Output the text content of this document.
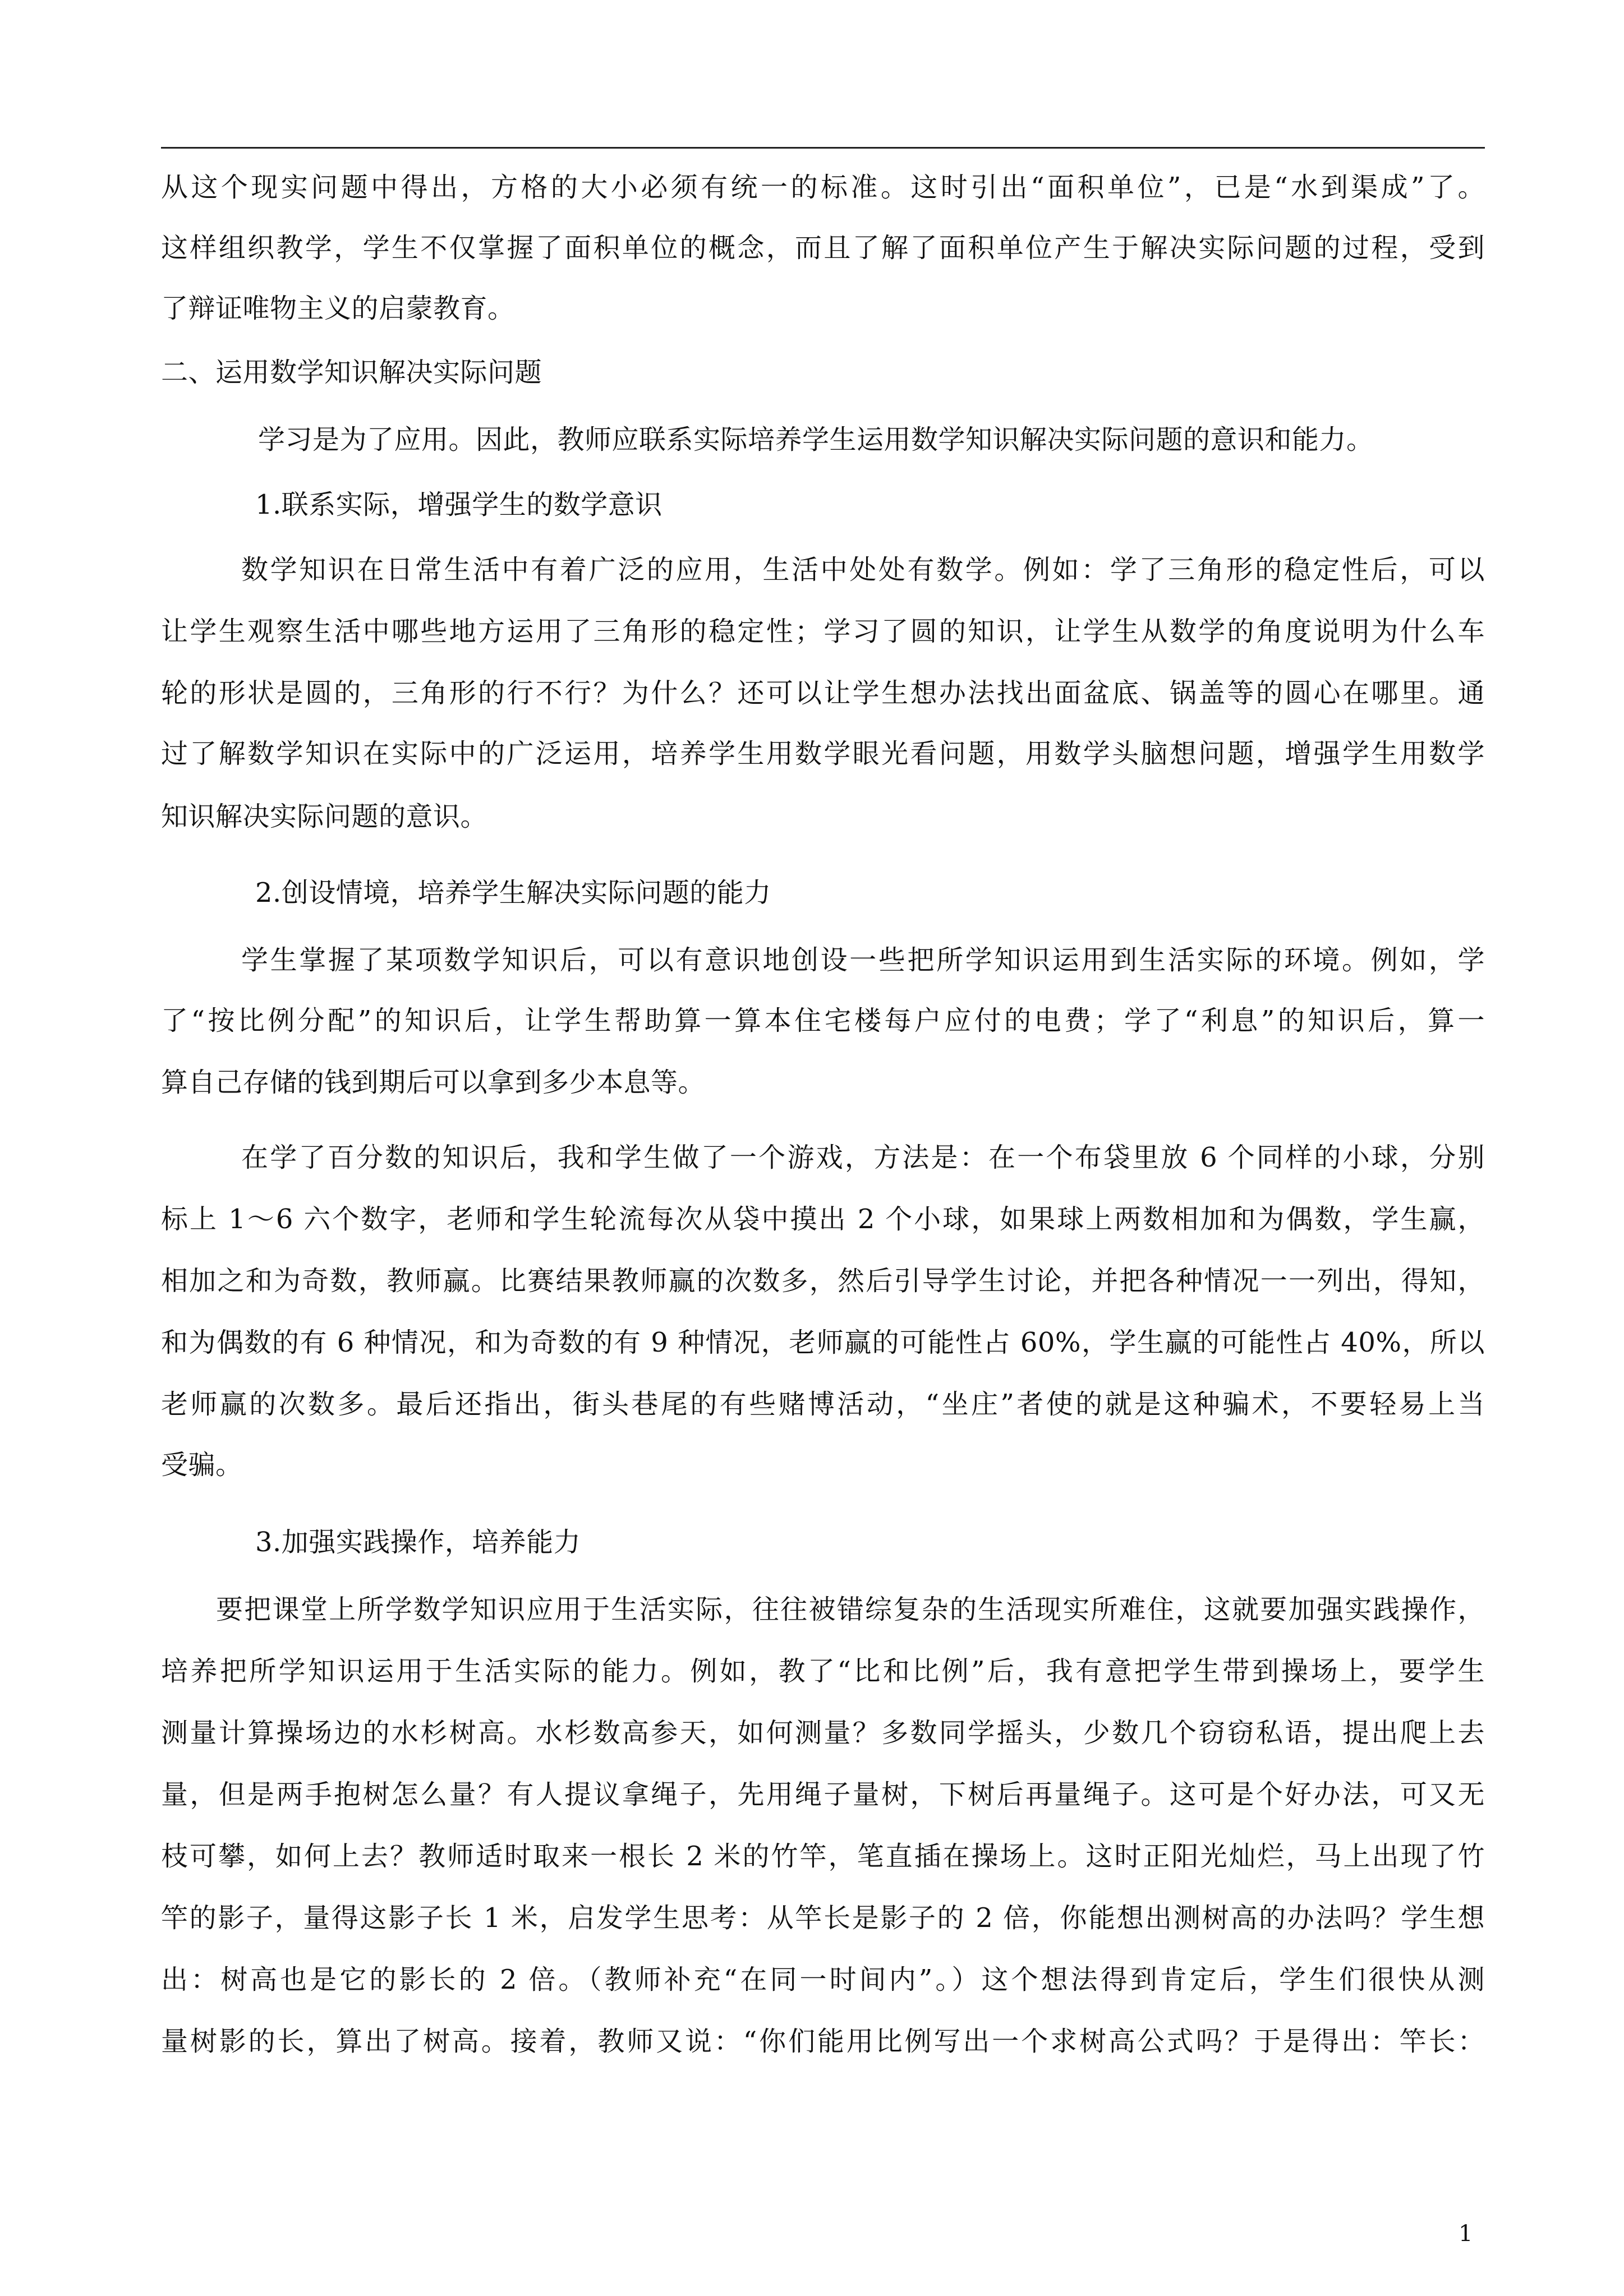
从这个现实问题中得出，方格的大小必须有统一的标准。这时引出“面积单位”，已是“水到渠成”了。
这样组织教学，学生不仅掌握了面积单位的概念，而且了解了面积单位产生于解决实际问题的过程，受到
了辩证唯物主义的启蒙教育。
二、运用数学知识解决实际问题
学习是为了应用。因此，教师应联系实际培养学生运用数学知识解决实际问题的意识和能力。
1.联系实际，增强学生的数学意识
数学知识在日常生活中有着广泛的应用，生活中处处有数学。例如：学了三角形的稳定性后，可以
让学生观察生活中哪些地方运用了三角形的稳定性；学习了圆的知识，让学生从数学的角度说明为什么车
轮的形状是圆的，三角形的行不行？为什么？还可以让学生想办法找出面盆底、锅盖等的圆心在哪里。通
过了解数学知识在实际中的广泛运用，培养学生用数学眼光看问题，用数学头脑想问题，增强学生用数学
知识解决实际问题的意识。
2.创设情境，培养学生解决实际问题的能力
学生掌握了某项数学知识后，可以有意识地创设一些把所学知识运用到生活实际的环境。例如，学
了“按比例分配”的知识后，让学生帮助算一算本住宅楼每户应付的电费；学了“利息”的知识后，算一
算自己存储的钱到期后可以拿到多少本息等。
在学了百分数的知识后，我和学生做了一个游戏，方法是：在一个布袋里放 6 个同样的小球，分别
标上 1～6 六个数字，老师和学生轮流每次从袋中摸出 2 个小球，如果球上两数相加和为偶数，学生赢，
相加之和为奇数，教师赢。比赛结果教师赢的次数多，然后引导学生讨论，并把各种情况一一列出，得知，
和为偶数的有 6 种情况，和为奇数的有 9 种情况，老师赢的可能性占 60%，学生赢的可能性占 40%，所以
老师赢的次数多。最后还指出，街头巷尾的有些赌博活动，“坐庄”者使的就是这种骗术，不要轻易上当
受骗。
3.加强实践操作，培养能力
要把课堂上所学数学知识应用于生活实际，往往被错综复杂的生活现实所难住，这就要加强实践操作，
培养把所学知识运用于生活实际的能力。例如，教了“比和比例”后，我有意把学生带到操场上，要学生
测量计算操场边的水杉树高。水杉数高参天，如何测量？多数同学摇头，少数几个窃窃私语，提出爬上去
量，但是两手抱树怎么量？有人提议拿绳子，先用绳子量树，下树后再量绳子。这可是个好办法，可又无
枝可攀，如何上去？教师适时取来一根长 2 米的竹竿，笔直插在操场上。这时正阳光灿烂，马上出现了竹
竿的影子，量得这影子长 1 米，启发学生思考：从竿长是影子的 2 倍，你能想出测树高的办法吗？学生想
出：树高也是它的影长的 2 倍。（教师补充“在同一时间内”。）这个想法得到肯定后，学生们很快从测
量树影的长，算出了树高。接着，教师又说：“你们能用比例写出一个求树高公式吗？于是得出：竿长：
1
